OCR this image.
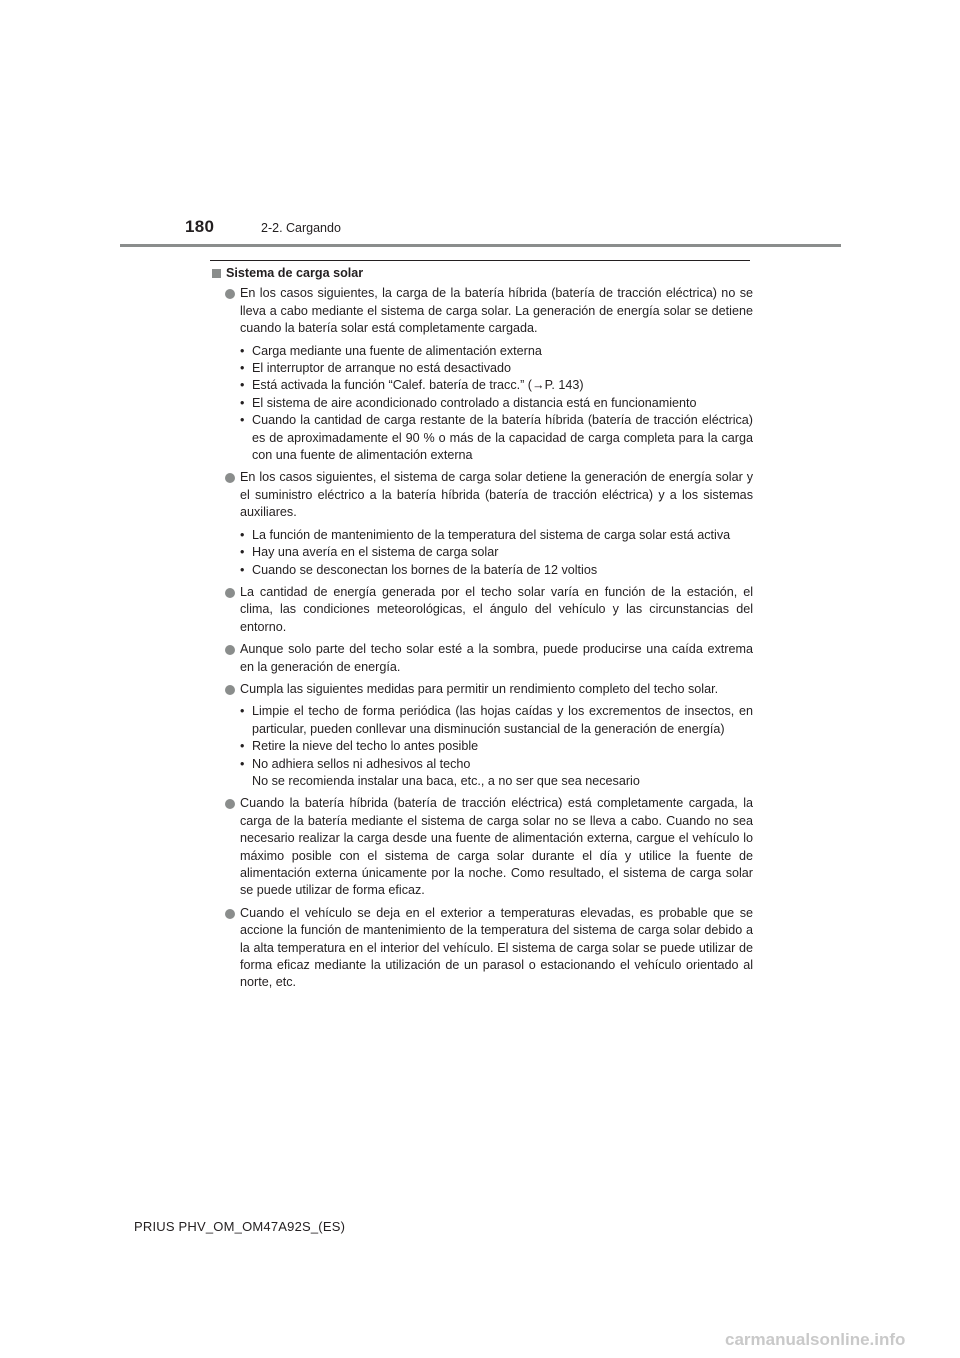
180	2-2. Cargando
Sistema de carga solar

En los casos siguientes, la carga de la batería híbrida (batería de tracción eléctrica) no se lleva a cabo mediante el sistema de carga solar. La generación de energía solar se detiene cuando la batería solar está completamente cargada.

• Carga mediante una fuente de alimentación externa
• El interruptor de arranque no está desactivado
• Está activada la función “Calef. batería de tracc.” (→P. 143)
• El sistema de aire acondicionado controlado a distancia está en funcionamiento
• Cuando la cantidad de carga restante de la batería híbrida (batería de tracción eléctrica) es de aproximadamente el 90 % o más de la capacidad de carga completa para la carga con una fuente de alimentación externa

En los casos siguientes, el sistema de carga solar detiene la generación de energía solar y el suministro eléctrico a la batería híbrida (batería de tracción eléctrica) y a los sistemas auxiliares.

• La función de mantenimiento de la temperatura del sistema de carga solar está activa
• Hay una avería en el sistema de carga solar
• Cuando se desconectan los bornes de la batería de 12 voltios

La cantidad de energía generada por el techo solar varía en función de la estación, el clima, las condiciones meteorológicas, el ángulo del vehículo y las circunstancias del entorno.

Aunque solo parte del techo solar esté a la sombra, puede producirse una caída extrema en la generación de energía.

Cumpla las siguientes medidas para permitir un rendimiento completo del techo solar.

• Limpie el techo de forma periódica (las hojas caídas y los excrementos de insectos, en particular, pueden conllevar una disminución sustancial de la generación de energía)
• Retire la nieve del techo lo antes posible
• No adhiera sellos ni adhesivos al techo
No se recomienda instalar una baca, etc., a no ser que sea necesario

Cuando la batería híbrida (batería de tracción eléctrica) está completamente cargada, la carga de la batería mediante el sistema de carga solar no se lleva a cabo. Cuando no sea necesario realizar la carga desde una fuente de alimentación externa, cargue el vehículo lo máximo posible con el sistema de carga solar durante el día y utilice la fuente de alimentación externa únicamente por la noche. Como resultado, el sistema de carga solar se puede utilizar de forma eficaz.

Cuando el vehículo se deja en el exterior a temperaturas elevadas, es probable que se accione la función de mantenimiento de la temperatura del sistema de carga solar debido a la alta temperatura en el interior del vehículo. El sistema de carga solar se puede utilizar de forma eficaz mediante la utilización de un parasol o estacionando el vehículo orientado al norte, etc.

PRIUS PHV_OM_OM47A92S_(ES)
carmanualsonline.info
